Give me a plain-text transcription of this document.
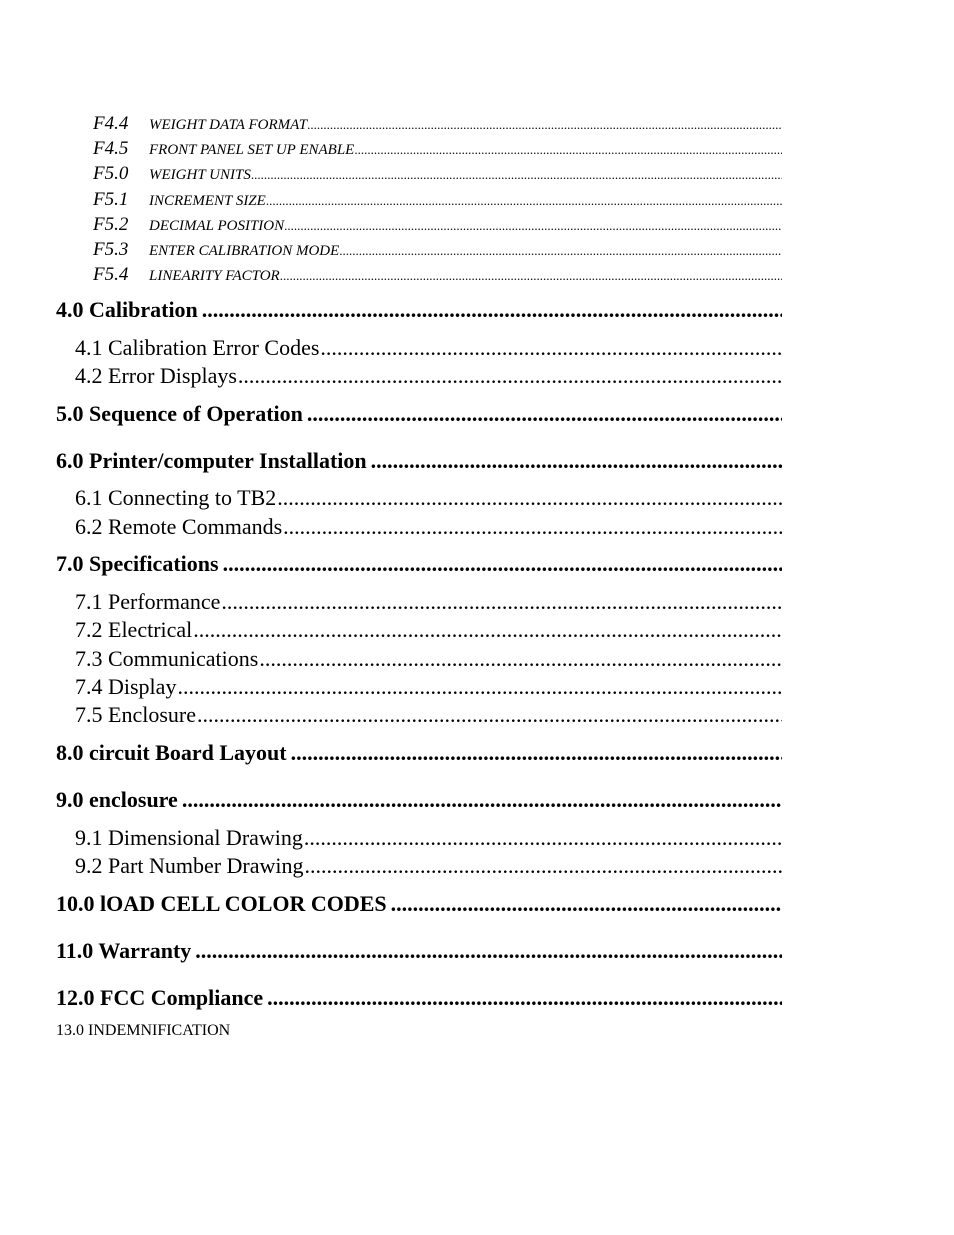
F4.4	WEIGHT DATA FORMAT
.....
F4.5	FRONT PANEL SET UP ENABLE
.....
F5.0	WEIGHT UNITS
.....
F5.1	INCREMENT SIZE
.....
F5.2	DECIMAL POSITION
.....
F5.3	ENTER CALIBRATION MODE
.....
F5.4	LINEARITY FACTOR
.....
4.0 Calibration
.....
4.1 Calibration Error Codes
.....
4.2 Error Displays
.....
5.0 Sequence of Operation
.....
6.0 Printer/computer Installation
.....
6.1 Connecting to TB2
.....
6.2 Remote Commands
.....
7.0 Specifications
.....
7.1 Performance
.....
7.2 Electrical
.....
7.3 Communications
.....
7.4 Display
.....
7.5 Enclosure
.....
8.0 circuit Board Layout
.....
9.0 enclosure
.....
9.1 Dimensional Drawing
.....
9.2 Part Number Drawing
.....
10.0 lOAD CELL COLOR CODES
.....
11.0 Warranty
.....
12.0 FCC Compliance
.....
13.0 INDEMNIFICATION
